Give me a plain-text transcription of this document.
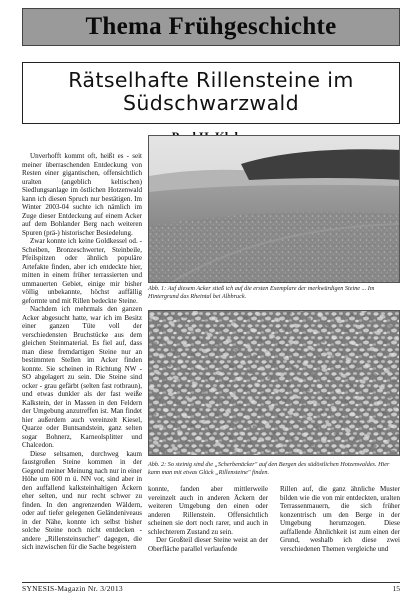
Thema Frühgeschichte
Rätselhafte Rillensteine im
Südschwarzwald

Unverhofft kommt oft, heißt es - seit meiner überraschenden Entdeckung von Resten einer gigantischen, offensichtlich uralten (angeblich keltischen) Siedlungsanlage im östlichen Hotzenwald kann ich diesen Spruch nur bestätigen. Im Winter 2003-04 suchte ich nämlich im Zuge dieser Entdeckung auf einem Acker auf dem Bohlander Berg nach weiteren Spuren (prä-) historischer Besiedelung.

Zwar konnte ich keine Goldkessel od. -Scheiben, Bronzeschwerter, Steinbeile, Pfeilspitzen oder ähnlich populäre Artefakte finden, aber ich entdeckte hier, mitten in einem früher terrassierten und ummauerten Gebiet, einige mir bisher völlig unbekannte, höchst auffällig geformte und mit Rillen bedeckte Steine.

Nachdem ich mehrmals den ganzen Acker abgesucht hatte, war ich im Besitz einer ganzen Tüte voll der verschiedensten Bruchstücke aus dem gleichen Steinmaterial. Es fiel auf, dass man diese fremdartigen Steine nur an bestimmten Stellen im Acker finden konnte. Sie scheinen in Richtung NW - SO abgelagert zu sein. Die Steine sind ocker - grau gefärbt (selten fast rotbraun), und etwas dunkler als der fast weiße Kalkstein, der in Massen in den Feldern der Umgebung anzutreffen ist. Man findet hier außerdem auch vereinzelt Kiesel, Quarze oder Buntsandstein, ganz selten sogar Bohnerz, Karneolsplitter und Chalcedon.

Diese seltsamen, durchweg kaum faustgroßen Steine kommen in der Gegend meiner Meinung nach nur in einer Höhe um 600 m ü. NN vor, sind aber in den auffallend kalksteinhaltigen Äckern eher selten, und nur recht schwer zu finden. In den angrenzenden Wäldern, oder auf tiefer gelegenen Geländeniveaus in der Nähe, konnte ich selbst bisher solche Steine noch nicht entdecken - andere „Rillensteinsucher" dagegen, die sich inzwischen für die Sache begeistern

Abb. 1: Auf diesem Acker stieß ich auf die ersten Exemplare der merkwürdigen Steine ... Im Hintergrund das Rheintal bei Albbruck.

Abb. 2: So steinig sind die „Scherbenäcker" auf den Bergen des südöstlichen Hotzenwaldes. Hier kann man mit etwas Glück „Rillensteine" finden.

konnte, fanden aber mittlerweile vereinzelt auch in anderen Äckern der weiteren Umgebung den einen oder anderen Rillenstein. Offensichtlich scheinen sie dort noch rarer, und auch in schlechterem Zustand zu sein.

Der Großteil dieser Steine weist an der Oberfläche parallel verlaufende

Rillen auf, die ganz ähnliche Muster bilden wie die von mir entdeckten, uralten Terrassenmauern, die sich früher konzentrisch um den Berge in der Umgebung herumzogen. Diese auffallende Ähnlichkeit ist zum einen der Grund, weshalb ich diese zwei verschiedenen Themen vergleiche und

SYNESIS-Magazin Nr. 3/2013	15
